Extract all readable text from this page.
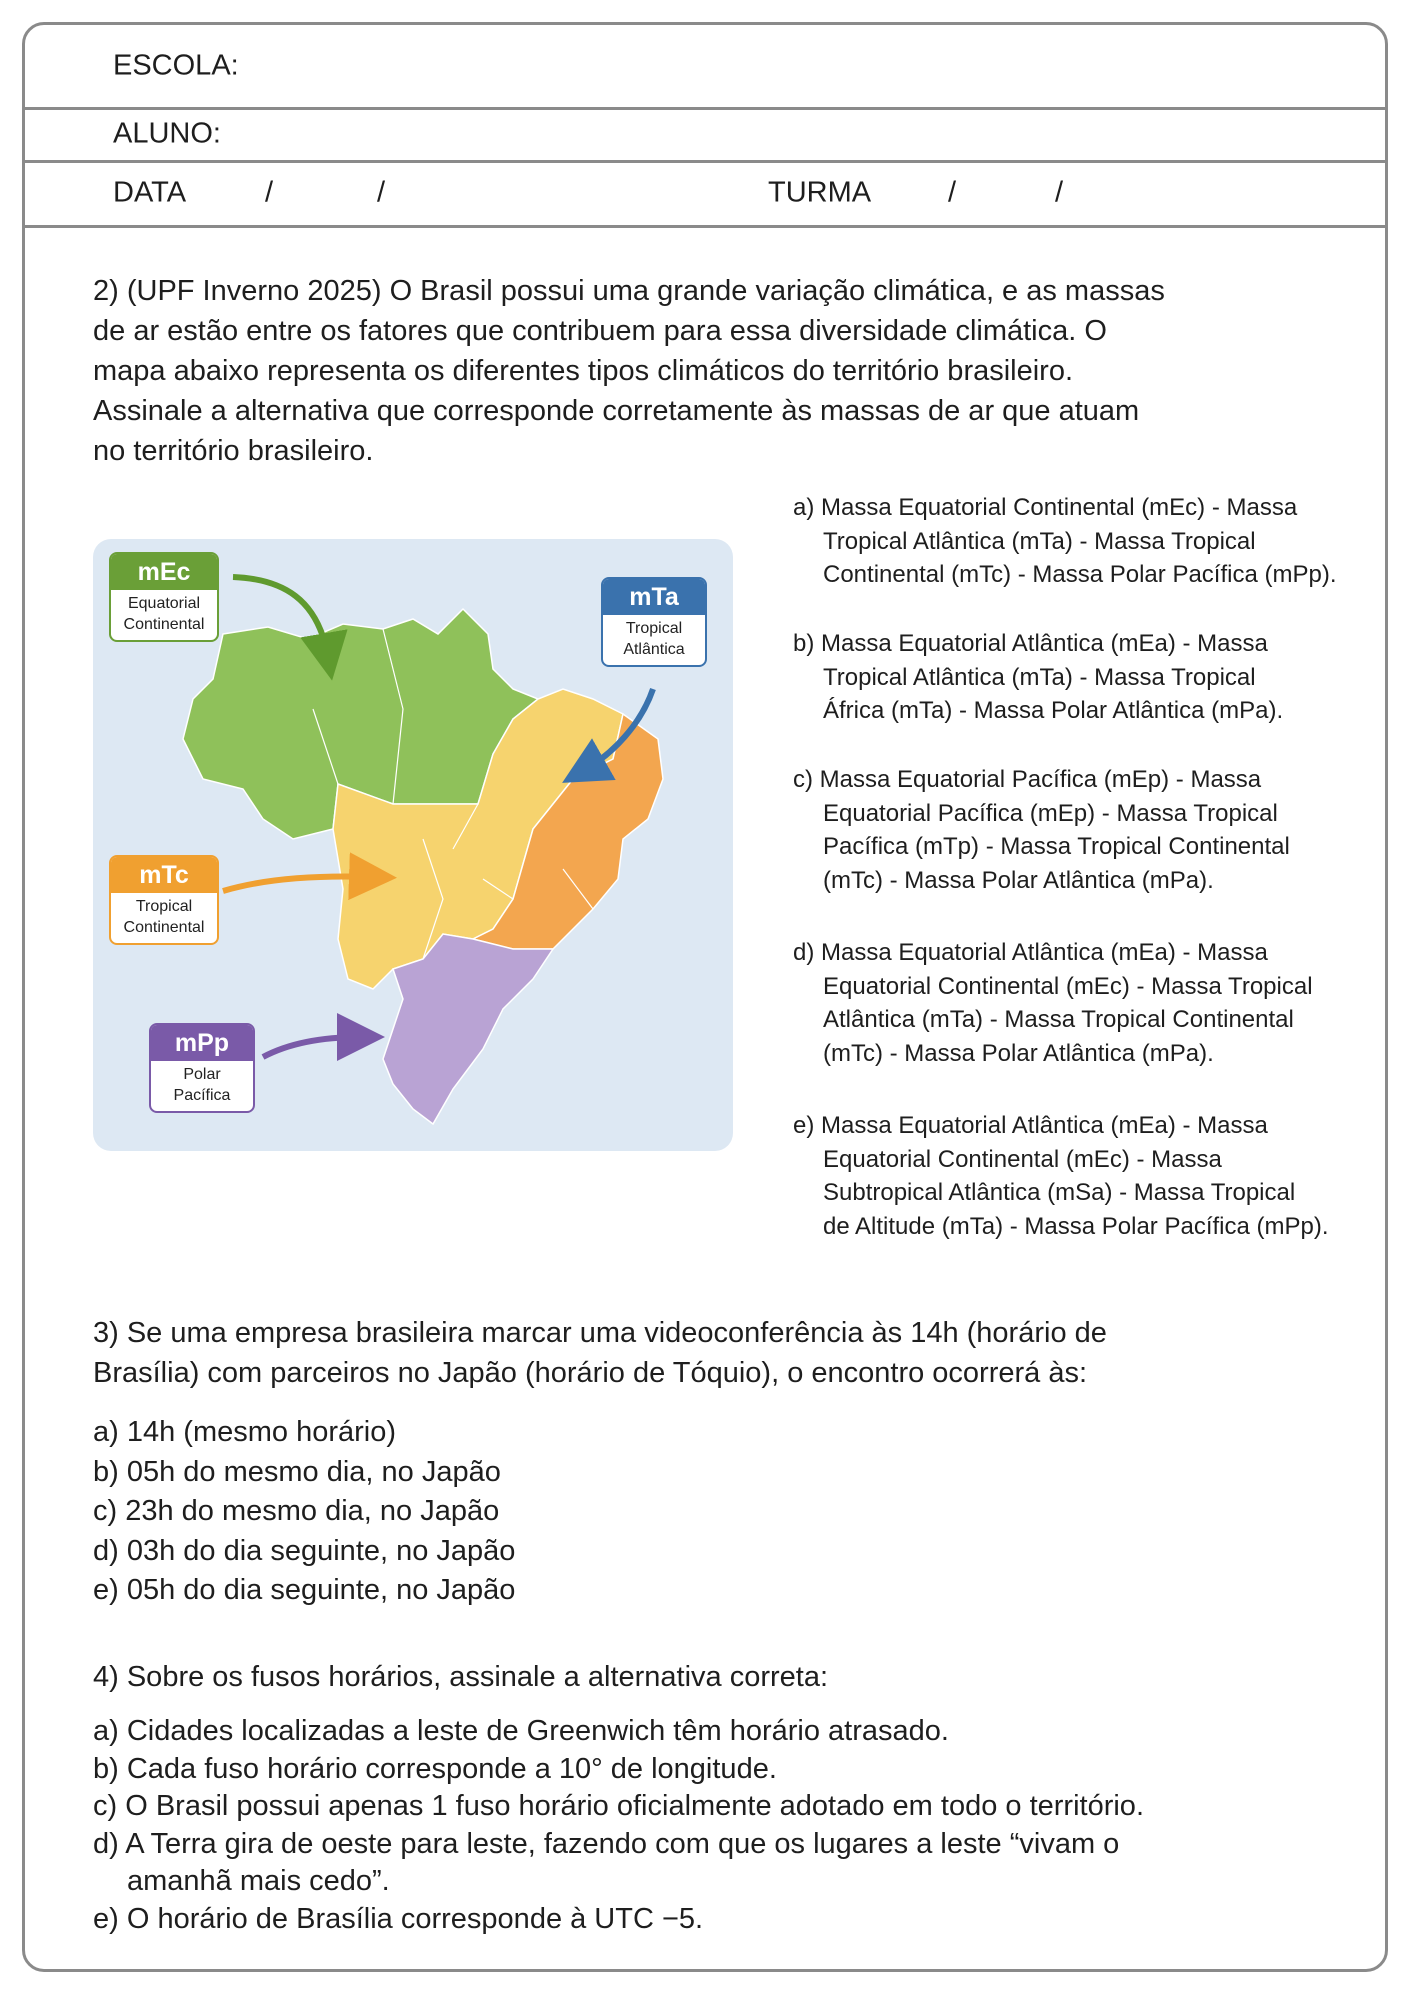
ESCOLA:
ALUNO:
DATA	/	/	TURMA	/	/
2) (UPF Inverno 2025) O Brasil possui uma grande variação climática, e as massas
de ar estão entre os fatores que contribuem para essa diversidade climática. O
mapa abaixo representa os diferentes tipos climáticos do território brasileiro.
Assinale a alternativa que corresponde corretamente às massas de ar que atuam
no território brasileiro.
mEc
Equatorial
Continental
mTa
Tropical
Atlântica
mTc
Tropical
Continental
mPp
Polar
Pacífica
a) Massa Equatorial Continental (mEc) - Massa
Tropical Atlântica (mTa) - Massa Tropical
Continental (mTc) - Massa Polar Pacífica (mPp).
b) Massa Equatorial Atlântica (mEa) - Massa
Tropical Atlântica (mTa) - Massa Tropical
África (mTa) - Massa Polar Atlântica (mPa).
c) Massa Equatorial Pacífica (mEp) - Massa
Equatorial Pacífica (mEp) - Massa Tropical
Pacífica (mTp) - Massa Tropical Continental
(mTc) - Massa Polar Atlântica (mPa).
d) Massa Equatorial Atlântica (mEa) - Massa
Equatorial Continental (mEc) - Massa Tropical
Atlântica (mTa) - Massa Tropical Continental
(mTc) - Massa Polar Atlântica (mPa).
e) Massa Equatorial Atlântica (mEa) - Massa
Equatorial Continental (mEc) - Massa
Subtropical Atlântica (mSa) - Massa Tropical
de Altitude (mTa) - Massa Polar Pacífica (mPp).
3) Se uma empresa brasileira marcar uma videoconferência às 14h (horário de
Brasília) com parceiros no Japão (horário de Tóquio), o encontro ocorrerá às:
a) 14h (mesmo horário)
b) 05h do mesmo dia, no Japão
c) 23h do mesmo dia, no Japão
d) 03h do dia seguinte, no Japão
e) 05h do dia seguinte, no Japão
4) Sobre os fusos horários, assinale a alternativa correta:
a) Cidades localizadas a leste de Greenwich têm horário atrasado.
b) Cada fuso horário corresponde a 10° de longitude.
c) O Brasil possui apenas 1 fuso horário oficialmente adotado em todo o território.
d) A Terra gira de oeste para leste, fazendo com que os lugares a leste “vivam o
amanhã mais cedo”.
e) O horário de Brasília corresponde à UTC −5.
